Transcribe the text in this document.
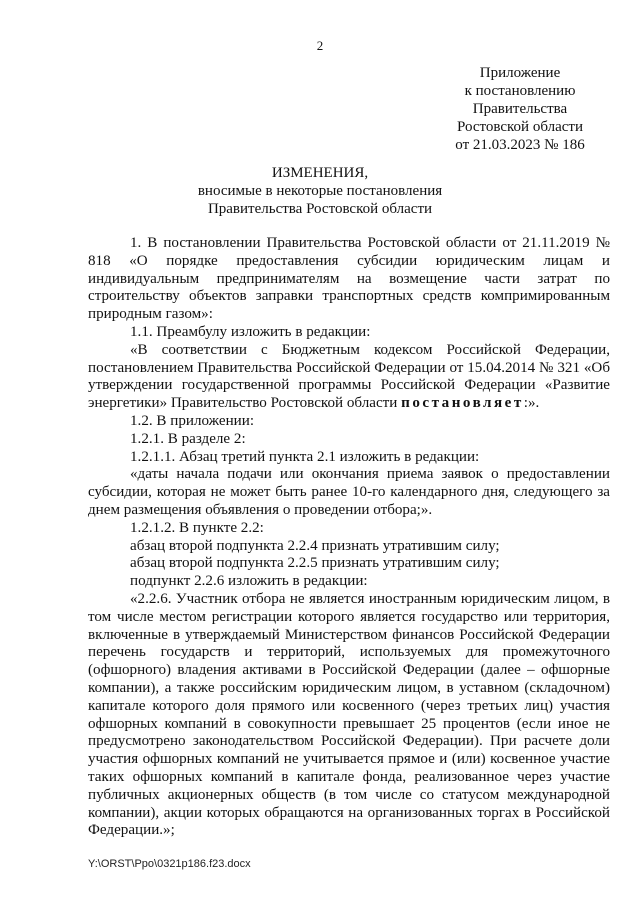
2
Приложение
к постановлению
Правительства
Ростовской области
от 21.03.2023 № 186
ИЗМЕНЕНИЯ,
вносимые в некоторые постановления
Правительства Ростовской области

1. В постановлении Правительства Ростовской области от 21.11.2019 № 818 «О порядке предоставления субсидии юридическим лицам и индивидуальным предпринимателям на возмещение части затрат по строительству объектов заправки транспортных средств компримированным природным газом»:

1.1. Преамбулу изложить в редакции:

«В соответствии с Бюджетным кодексом Российской Федерации, постановлением Правительства Российской Федерации от 15.04.2014 № 321 «Об утверждении государственной программы Российской Федерации «Развитие энергетики» Правительство Ростовской области постановляет:».

1.2. В приложении:

1.2.1. В разделе 2:

1.2.1.1. Абзац третий пункта 2.1 изложить в редакции:

«даты начала подачи или окончания приема заявок о предоставлении субсидии, которая не может быть ранее 10-го календарного дня, следующего за днем размещения объявления о проведении отбора;».

1.2.1.2. В пункте 2.2:

абзац второй подпункта 2.2.4 признать утратившим силу;

абзац второй подпункта 2.2.5 признать утратившим силу;

подпункт 2.2.6 изложить в редакции:

«2.2.6. Участник отбора не является иностранным юридическим лицом, в том числе местом регистрации которого является государство или территория, включенные в утверждаемый Министерством финансов Российской Федерации перечень государств и территорий, используемых для промежуточного (офшорного) владения активами в Российской Федерации (далее – офшорные компании), а также российским юридическим лицом, в уставном (складочном) капитале которого доля прямого или косвенного (через третьих лиц) участия офшорных компаний в совокупности превышает 25 процентов (если иное не предусмотрено законодательством Российской Федерации). При расчете доли участия офшорных компаний не учитывается прямое и (или) косвенное участие таких офшорных компаний в капитале фонда, реализованное через участие публичных акционерных обществ (в том числе со статусом международной компании), акции которых обращаются на организованных торгах в Российской Федерации.»;

Y:\ORST\Ppo\0321p186.f23.docx
